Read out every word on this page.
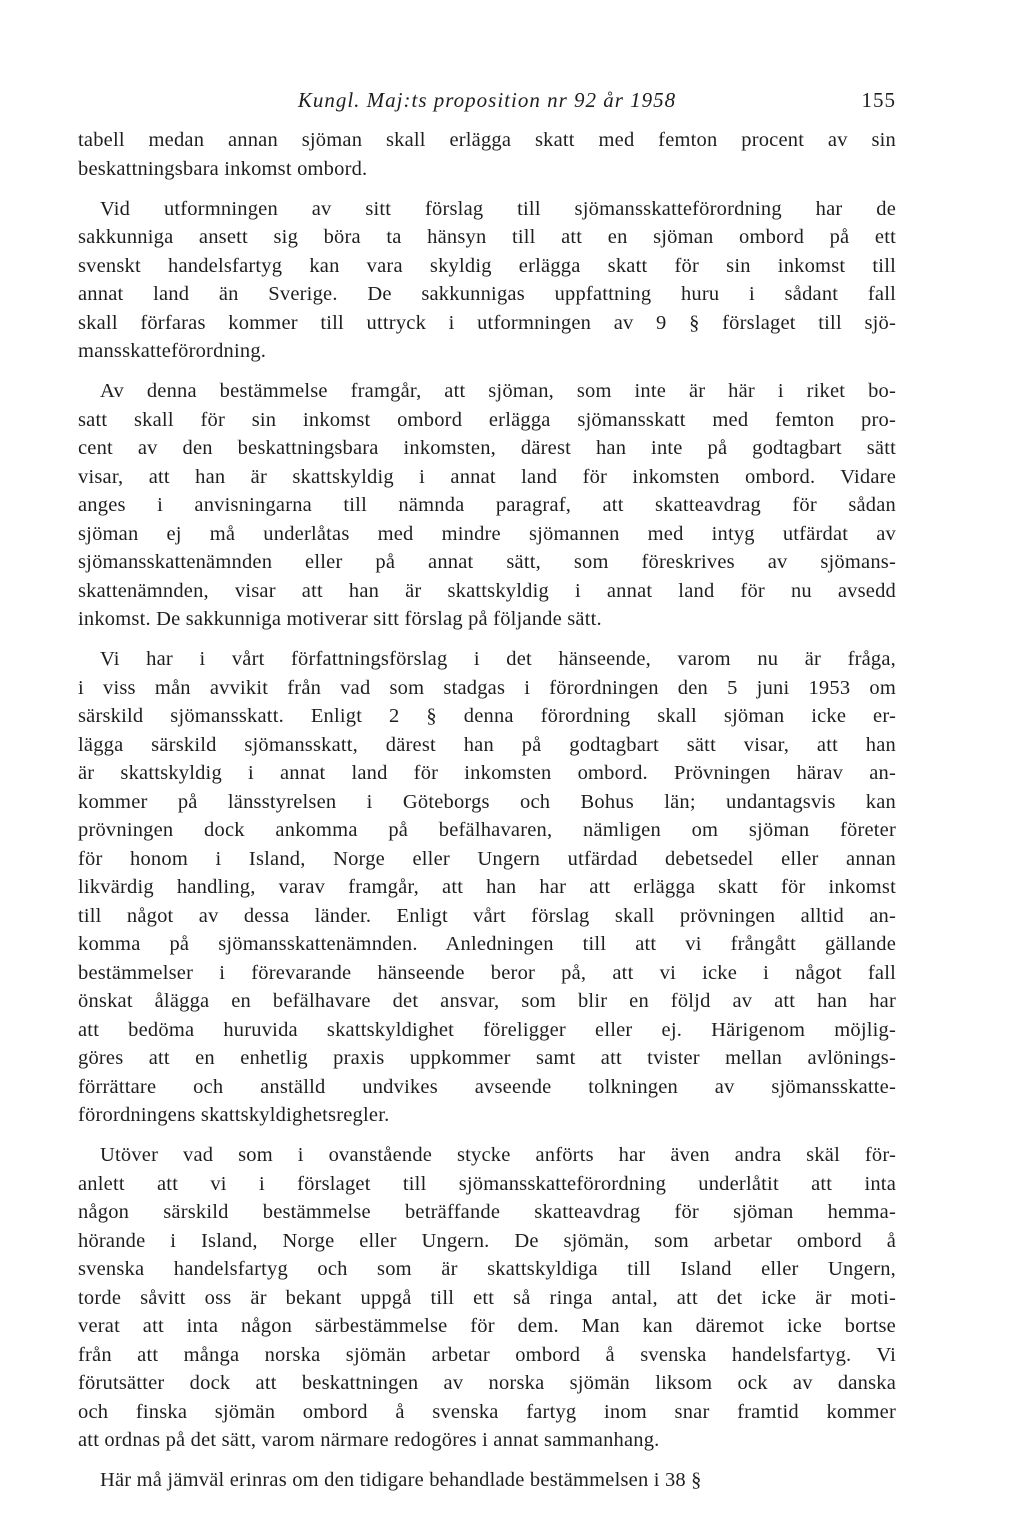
Kungl. Maj:ts proposition nr 92 år 1958	155
tabell medan annan sjöman skall erlägga skatt med femton procent av sin
beskattningsbara inkomst ombord.
Vid utformningen av sitt förslag till sjömansskatteförordning har de
sakkunniga ansett sig böra ta hänsyn till att en sjöman ombord på ett
svenskt handelsfartyg kan vara skyldig erlägga skatt för sin inkomst till
annat land än Sverige. De sakkunnigas uppfattning huru i sådant fall
skall förfaras kommer till uttryck i utformningen av 9 § förslaget till sjö-
mansskatteförordning.
Av denna bestämmelse framgår, att sjöman, som inte är här i riket bo-
satt skall för sin inkomst ombord erlägga sjömansskatt med femton pro-
cent av den beskattningsbara inkomsten, därest han inte på godtagbart sätt
visar, att han är skattskyldig i annat land för inkomsten ombord. Vidare
anges i anvisningarna till nämnda paragraf, att skatteavdrag för sådan
sjöman ej må underlåtas med mindre sjömannen med intyg utfärdat av
sjömansskattenämnden eller på annat sätt, som föreskrives av sjömans-
skattenämnden, visar att han är skattskyldig i annat land för nu avsedd
inkomst. De sakkunniga motiverar sitt förslag på följande sätt.
Vi har i vårt författningsförslag i det hänseende, varom nu är fråga,
i viss mån avvikit från vad som stadgas i förordningen den 5 juni 1953 om
särskild sjömansskatt. Enligt 2 § denna förordning skall sjöman icke er-
lägga särskild sjömansskatt, därest han på godtagbart sätt visar, att han
är skattskyldig i annat land för inkomsten ombord. Prövningen härav an-
kommer på länsstyrelsen i Göteborgs och Bohus län; undantagsvis kan
prövningen dock ankomma på befälhavaren, nämligen om sjöman företer
för honom i Island, Norge eller Ungern utfärdad debetsedel eller annan
likvärdig handling, varav framgår, att han har att erlägga skatt för inkomst
till något av dessa länder. Enligt vårt förslag skall prövningen alltid an-
komma på sjömansskattenämnden. Anledningen till att vi frångått gällande
bestämmelser i förevarande hänseende beror på, att vi icke i något fall
önskat ålägga en befälhavare det ansvar, som blir en följd av att han har
att bedöma huruvida skattskyldighet föreligger eller ej. Härigenom möjlig-
göres att en enhetlig praxis uppkommer samt att tvister mellan avlönings-
förrättare och anställd undvikes avseende tolkningen av sjömansskatte-
förordningens skattskyldighetsregler.
Utöver vad som i ovanstående stycke anförts har även andra skäl för-
anlett att vi i förslaget till sjömansskatteförordning underlåtit att inta
någon särskild bestämmelse beträffande skatteavdrag för sjöman hemma-
hörande i Island, Norge eller Ungern. De sjömän, som arbetar ombord å
svenska handelsfartyg och som är skattskyldiga till Island eller Ungern,
torde såvitt oss är bekant uppgå till ett så ringa antal, att det icke är moti-
verat att inta någon särbestämmelse för dem. Man kan däremot icke bortse
från att många norska sjömän arbetar ombord å svenska handelsfartyg. Vi
förutsätter dock att beskattningen av norska sjömän liksom ock av danska
och finska sjömän ombord å svenska fartyg inom snar framtid kommer
att ordnas på det sätt, varom närmare redogöres i annat sammanhang.
Här må jämväl erinras om den tidigare behandlade bestämmelsen i 38 §
